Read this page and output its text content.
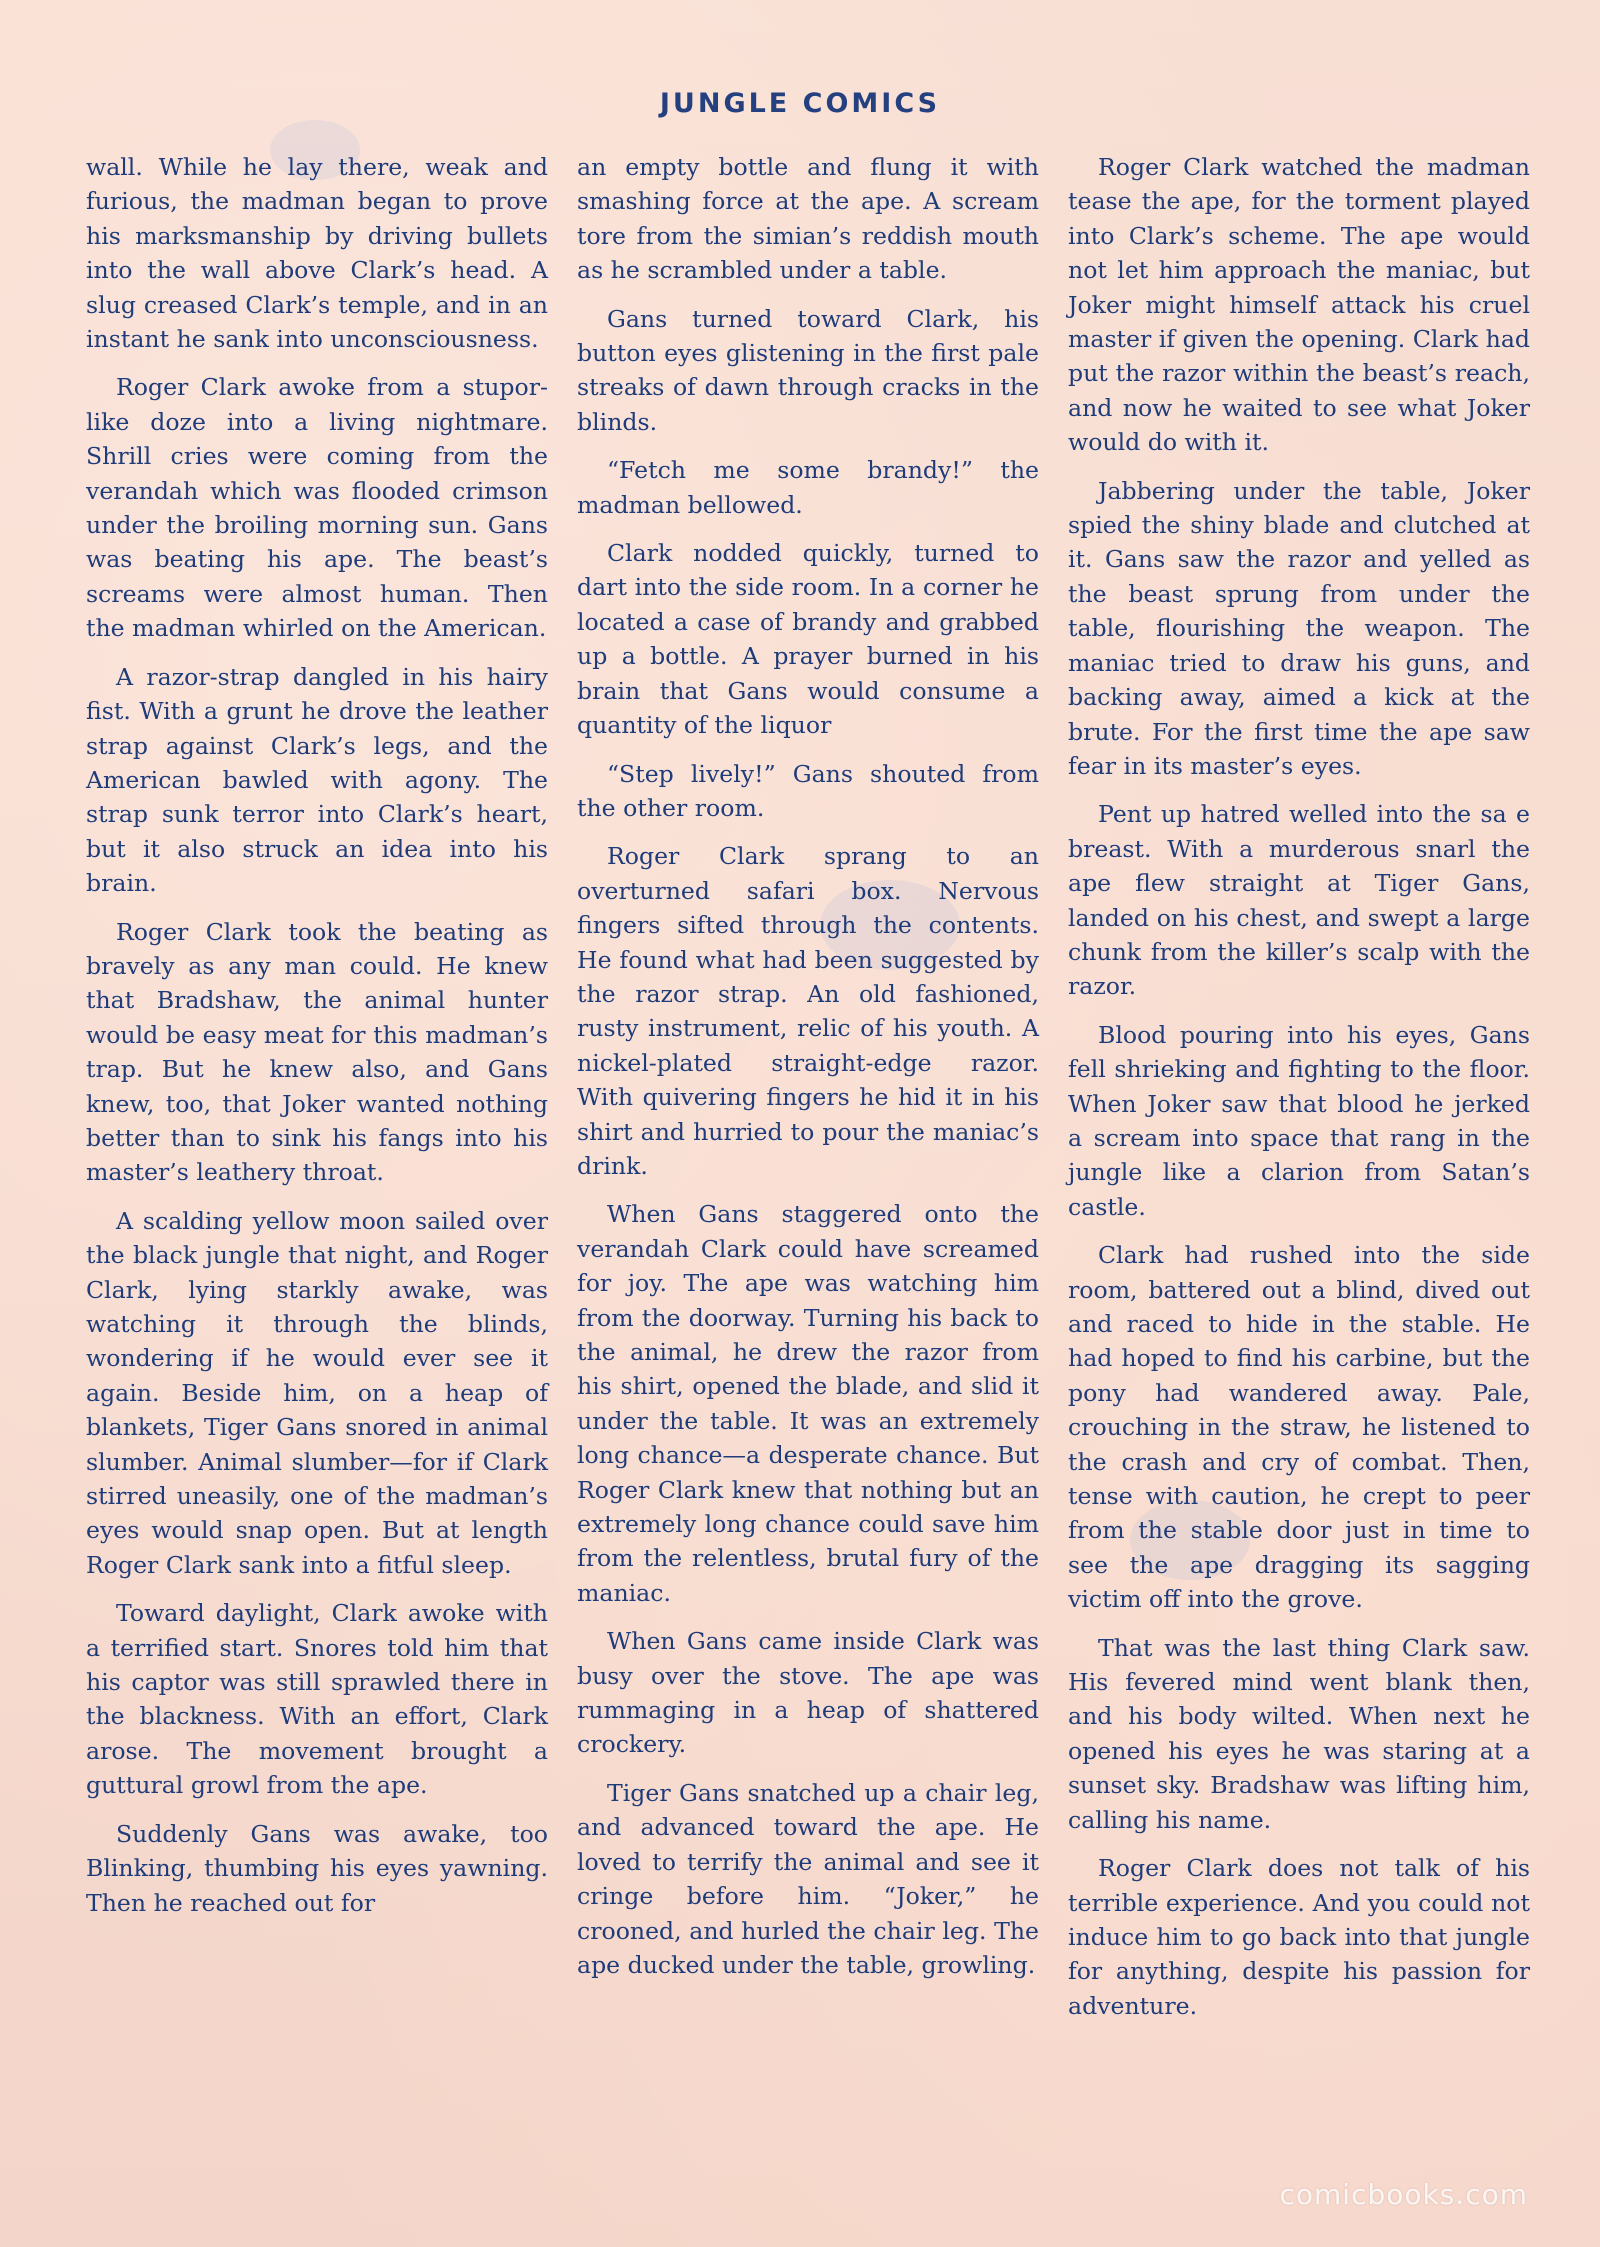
JUNGLE COMICS

wall. While he lay there, weak and furious, the madman began to prove his marksmanship by driving bullets into the wall above Clark’s head. A slug creased Clark’s temple, and in an instant he sank into unconsciousness.

Roger Clark awoke from a stupor-like doze into a living nightmare. Shrill cries were coming from the verandah which was flooded crimson under the broiling morning sun. Gans was beating his ape. The beast’s screams were almost human. Then the madman whirled on the American.

A razor-strap dangled in his hairy fist. With a grunt he drove the leather strap against Clark’s legs, and the American bawled with agony. The strap sunk terror into Clark’s heart, but it also struck an idea into his brain.

Roger Clark took the beating as bravely as any man could. He knew that Bradshaw, the animal hunter would be easy meat for this madman’s trap. But he knew also, and Gans knew, too, that Joker wanted nothing better than to sink his fangs into his master’s leathery throat.

A scalding yellow moon sailed over the black jungle that night, and Roger Clark, lying starkly awake, was watching it through the blinds, wondering if he would ever see it again. Beside him, on a heap of blankets, Tiger Gans snored in animal slumber. Animal slumber—for if Clark stirred uneasily, one of the madman’s eyes would snap open. But at length Roger Clark sank into a fitful sleep.

Toward daylight, Clark awoke with a terrified start. Snores told him that his captor was still sprawled there in the blackness. With an effort, Clark arose. The movement brought a guttural growl from the ape.

Suddenly Gans was awake, too Blinking, thumbing his eyes yawning. Then he reached out for

an empty bottle and flung it with smashing force at the ape. A scream tore from the simian’s reddish mouth as he scrambled under a table.

Gans turned toward Clark, his button eyes glistening in the first pale streaks of dawn through cracks in the blinds.

“Fetch me some brandy!” the madman bellowed.

Clark nodded quickly, turned to dart into the side room. In a corner he located a case of brandy and grabbed up a bottle. A prayer burned in his brain that Gans would consume a quantity of the liquor

“Step lively!” Gans shouted from the other room.

Roger Clark sprang to an overturned safari box. Nervous fingers sifted through the contents. He found what had been suggested by the razor strap. An old fashioned, rusty instrument, relic of his youth. A nickel-plated straight-edge razor. With quivering fingers he hid it in his shirt and hurried to pour the maniac’s drink.

When Gans staggered onto the verandah Clark could have screamed for joy. The ape was watching him from the doorway. Turning his back to the animal, he drew the razor from his shirt, opened the blade, and slid it under the table. It was an extremely long chance—a desperate chance. But Roger Clark knew that nothing but an extremely long chance could save him from the relentless, brutal fury of the maniac.

When Gans came inside Clark was busy over the stove. The ape was rummaging in a heap of shattered crockery.

Tiger Gans snatched up a chair leg, and advanced toward the ape. He loved to terrify the animal and see it cringe before him. “Joker,” he crooned, and hurled the chair leg. The ape ducked under the table, growling.

Roger Clark watched the madman tease the ape, for the torment played into Clark’s scheme. The ape would not let him approach the maniac, but Joker might himself attack his cruel master if given the opening. Clark had put the razor within the beast’s reach, and now he waited to see what Joker would do with it.

Jabbering under the table, Joker spied the shiny blade and clutched at it. Gans saw the razor and yelled as the beast sprung from under the table, flourishing the weapon. The maniac tried to draw his guns, and backing away, aimed a kick at the brute. For the first time the ape saw fear in its master’s eyes.

Pent up hatred welled into the sa e breast. With a murderous snarl the ape flew straight at Tiger Gans, landed on his chest, and swept a large chunk from the killer’s scalp with the razor.

Blood pouring into his eyes, Gans fell shrieking and fighting to the floor. When Joker saw that blood he jerked a scream into space that rang in the jungle like a clarion from Satan’s castle.

Clark had rushed into the side room, battered out a blind, dived out and raced to hide in the stable. He had hoped to find his carbine, but the pony had wandered away. Pale, crouching in the straw, he listened to the crash and cry of combat. Then, tense with caution, he crept to peer from the stable door just in time to see the ape dragging its sagging victim off into the grove.

That was the last thing Clark saw. His fevered mind went blank then, and his body wilted. When next he opened his eyes he was staring at a sunset sky. Bradshaw was lifting him, calling his name.

Roger Clark does not talk of his terrible experience. And you could not induce him to go back into that jungle for anything, despite his passion for adventure.

comicbooks.com
